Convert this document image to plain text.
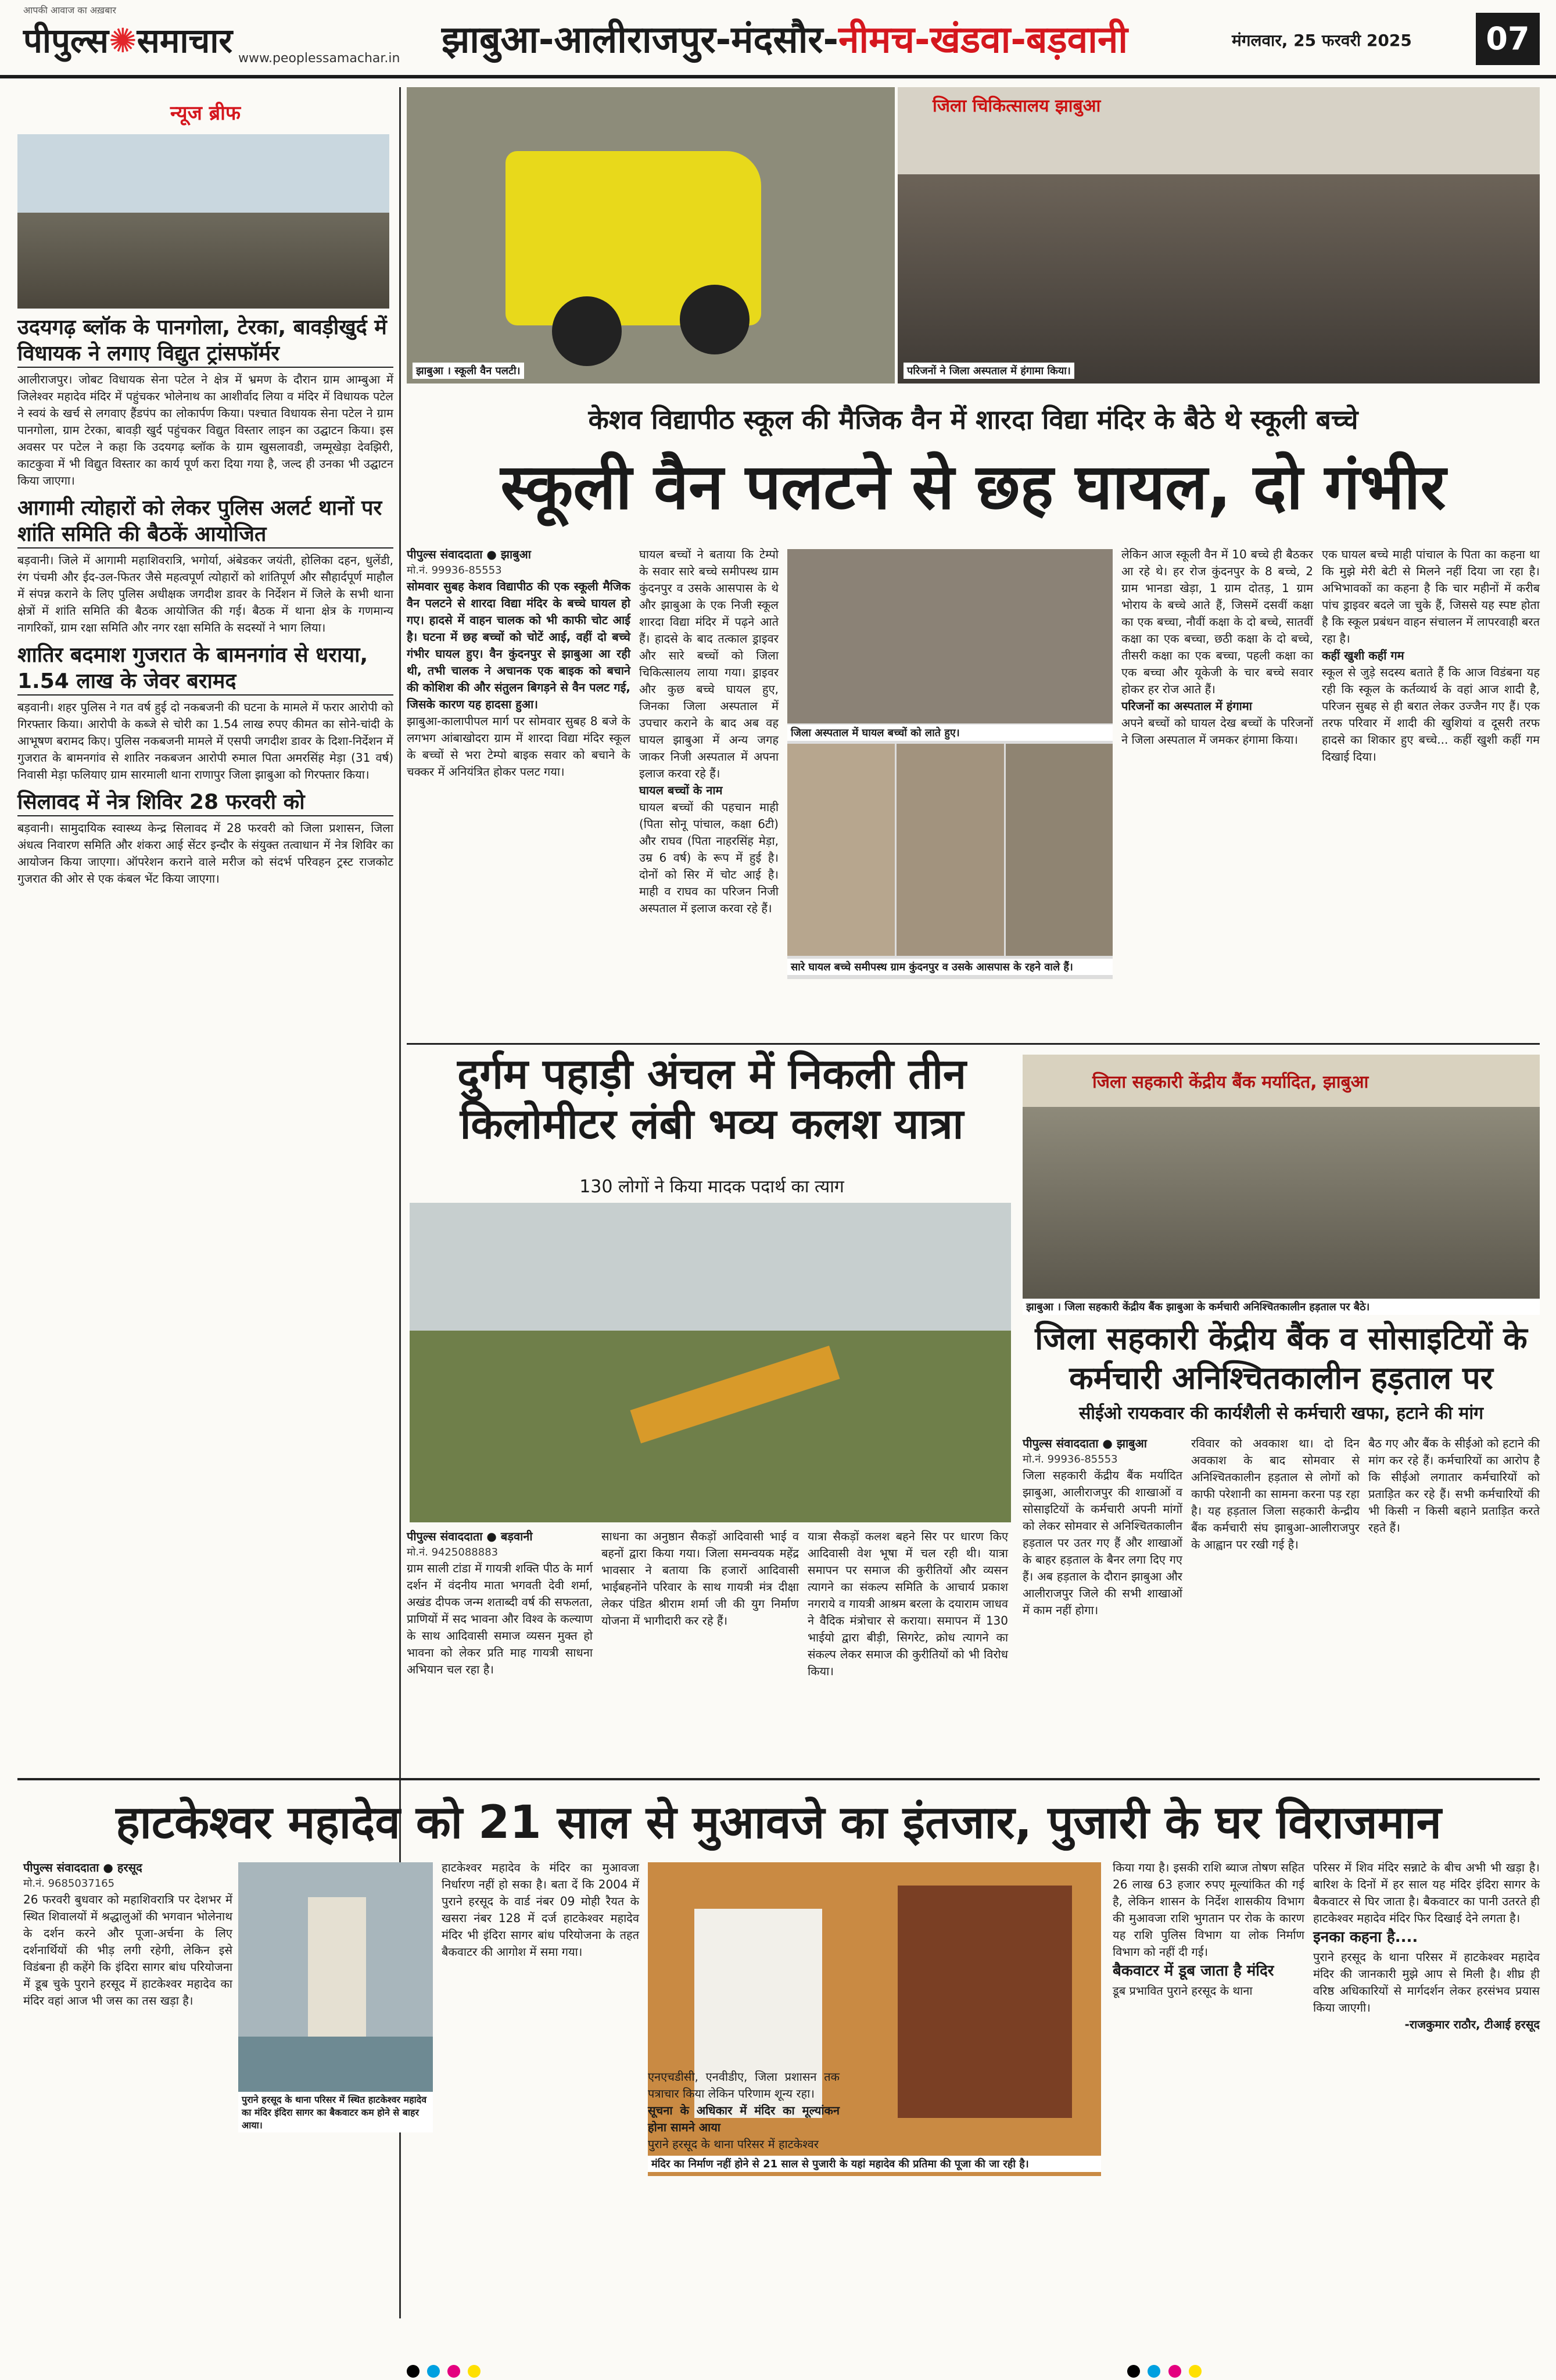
आपकी आवाज का अख़बार
पीपुल्स✺समाचार www.peoplessamachar.in झाबुआ-आलीराजपुर-मंदसौर-नीमच-खंडवा-बड़वानी	मंगलवार, 25 फरवरी 2025	07
न्यूज ब्रीफ
उदयगढ़ ब्लॉक के पानगोला, टेरका, बावड़ीखुर्द में विधायक ने लगाए विद्युत ट्रांसफॉर्मर
आलीराजपुर। जोबट विधायक सेना पटेल ने क्षेत्र में भ्रमण के दौरान ग्राम आम्बुआ में जिलेश्वर महादेव मंदिर में पहुंचकर भोलेनाथ का आशीर्वाद लिया व मंदिर में विधायक पटेल ने स्वयं के खर्च से लगवाए हैंडपंप का लोकार्पण किया। पश्चात विधायक सेना पटेल ने ग्राम पानगोला, ग्राम टेरका, बावड़ी खुर्द पहुंचकर विद्युत विस्तार लाइन का उद्घाटन किया। इस अवसर पर पटेल ने कहा कि उदयगढ़ ब्लॉक के ग्राम खुसलावडी, जम्मूखेड़ा देवझिरी, काटकुवा में भी विद्युत विस्तार का कार्य पूर्ण करा दिया गया है, जल्द ही उनका भी उद्घाटन किया जाएगा।
आगामी त्योहारों को लेकर पुलिस अलर्ट थानों पर शांति समिति की बैठकें आयोजित
बड़वानी। जिले में आगामी महाशिवरात्रि, भगोर्या, अंबेडकर जयंती, होलिका दहन, धुलेंडी, रंग पंचमी और ईद-उल-फितर जैसे महत्वपूर्ण त्योहारों को शांतिपूर्ण और सौहार्दपूर्ण माहौल में संपन्न कराने के लिए पुलिस अधीक्षक जगदीश डावर के निर्देशन में जिले के सभी थाना क्षेत्रों में शांति समिति की बैठक आयोजित की गई। बैठक में थाना क्षेत्र के गणमान्य नागरिकों, ग्राम रक्षा समिति और नगर रक्षा समिति के सदस्यों ने भाग लिया।
शातिर बदमाश गुजरात के बामनगांव से धराया, 1.54 लाख के जेवर बरामद
बड़वानी। शहर पुलिस ने गत वर्ष हुई दो नकबजनी की घटना के मामले में फरार आरोपी को गिरफ्तार किया। आरोपी के कब्जे से चोरी का 1.54 लाख रुपए कीमत का सोने-चांदी के आभूषण बरामद किए। पुलिस नकबजनी मामले में एसपी जगदीश डावर के दिशा-निर्देशन में गुजरात के बामनगांव से शातिर नकबजन आरोपी रुमाल पिता अमरसिंह मेड़ा (31 वर्ष) निवासी मेड़ा फलियाए ग्राम सारमाली थाना राणापुर जिला झाबुआ को गिरफ्तार किया।
सिलावद में नेत्र शिविर 28 फरवरी को
बड़वानी। सामुदायिक स्वास्थ्य केन्द्र सिलावद में 28 फरवरी को जिला प्रशासन, जिला अंधत्व निवारण समिति और शंकरा आई सेंटर इन्दौर के संयुक्त तत्वाधान में नेत्र शिविर का आयोजन किया जाएगा। ऑपरेशन कराने वाले मरीज को संदर्भ परिवहन ट्रस्ट राजकोट गुजरात की ओर से एक कंबल भेंट किया जाएगा।
झाबुआ । स्कूली वैन पलटी।
जिला चिकित्सालय झाबुआ
परिजनों ने जिला अस्पताल में हंगामा किया।
केशव विद्यापीठ स्कूल की मैजिक वैन में शारदा विद्या मंदिर के बैठे थे स्कूली बच्चे
स्कूली वैन पलटने से छह घायल, दो गंभीर
पीपुल्स संवाददाता ● झाबुआ
मो.नं. 99936-85553
सोमवार सुबह केशव विद्यापीठ की एक स्कूली मैजिक वैन पलटने से शारदा विद्या मंदिर के बच्चे घायल हो गए। हादसे में वाहन चालक को भी काफी चोट आई है। घटना में छह बच्चों को चोटें आई, वहीं दो बच्चे गंभीर घायल हुए। वैन कुंदनपुर से झाबुआ आ रही थी, तभी चालक ने अचानक एक बाइक को बचाने की कोशिश की और संतुलन बिगड़ने से वैन पलट गई, जिसके कारण यह हादसा हुआ।
झाबुआ-कालापीपल मार्ग पर सोमवार सुबह 8 बजे के लगभग आंबाखोदरा ग्राम में शारदा विद्या मंदिर स्कूल के बच्चों से भरा टेम्पो बाइक सवार को बचाने के चक्कर में अनियंत्रित होकर पलट गया।
घायल बच्चों ने बताया कि टेम्पो के सवार सारे बच्चे समीपस्थ ग्राम कुंदनपुर व उसके आसपास के थे और झाबुआ के एक निजी स्कूल शारदा विद्या मंदिर में पढ़ने आते हैं। हादसे के बाद तत्काल ड्राइवर और सारे बच्चों को जिला चिकित्सालय लाया गया। ड्राइवर और कुछ बच्चे घायल हुए, जिनका जिला अस्पताल में उपचार कराने के बाद अब वह घायल झाबुआ में अन्य जगह जाकर निजी अस्पताल में अपना इलाज करवा रहे हैं।
घायल बच्चों के नाम
घायल बच्चों की पहचान माही (पिता सोनू पांचाल, कक्षा 6टी) और राघव (पिता नाहरसिंह मेड़ा, उम्र 6 वर्ष) के रूप में हुई है। दोनों को सिर में चोट आई है। माही व राघव का परिजन निजी अस्पताल में इलाज करवा रहे हैं।
जिला अस्पताल में घायल बच्चों को लाते हुए।
सारे घायल बच्चे समीपस्थ ग्राम कुंदनपुर व उसके आसपास के रहने वाले हैं।
लेकिन आज स्कूली वैन में 10 बच्चे ही बैठकर आ रहे थे। हर रोज कुंदनपुर के 8 बच्चे, 2 ग्राम भानडा खेड़ा, 1 ग्राम दोतड़, 1 ग्राम भोराय के बच्चे आते हैं, जिसमें दसवीं कक्षा का एक बच्चा, नौवीं कक्षा के दो बच्चे, सातवीं कक्षा का एक बच्चा, छठी कक्षा के दो बच्चे, तीसरी कक्षा का एक बच्चा, पहली कक्षा का एक बच्चा और यूकेजी के चार बच्चे सवार होकर हर रोज आते हैं।
परिजनों का अस्पताल में हंगामा
अपने बच्चों को घायल देख बच्चों के परिजनों ने जिला अस्पताल में जमकर हंगामा किया।
एक घायल बच्चे माही पांचाल के पिता का कहना था कि मुझे मेरी बेटी से मिलने नहीं दिया जा रहा है। अभिभावकों का कहना है कि चार महीनों में करीब पांच ड्राइवर बदले जा चुके हैं, जिससे यह स्पष्ट होता है कि स्कूल प्रबंधन वाहन संचालन में लापरवाही बरत रहा है।
कहीं खुशी कहीं गम
स्कूल से जुड़े सदस्य बताते हैं कि आज विडंबना यह रही कि स्कूल के कर्तव्यार्थ के वहां आज शादी है, परिजन सुबह से ही बरात लेकर उज्जैन गए हैं। एक तरफ परिवार में शादी की खुशियां व दूसरी तरफ हादसे का शिकार हुए बच्चे... कहीं खुशी कहीं गम दिखाई दिया।
दुर्गम पहाड़ी अंचल में निकली तीन किलोमीटर लंबी भव्य कलश यात्रा
130 लोगों ने किया मादक पदार्थ का त्याग
पीपुल्स संवाददाता ● बड़वानी
मो.नं. 9425088883
ग्राम साली टांडा में गायत्री शक्ति पीठ के मार्ग दर्शन में वंदनीय माता भगवती देवी शर्मा, अखंड दीपक जन्म शताब्दी वर्ष की सफलता, प्राणियों में सद भावना और विश्व के कल्याण के साथ आदिवासी समाज व्यसन मुक्त हो भावना को लेकर प्रति माह गायत्री साधना अभियान चल रहा है।
साधना का अनुष्ठान सैकड़ों आदिवासी भाई व बहनों द्वारा किया गया। जिला समन्वयक महेंद्र भावसार ने बताया कि हजारों आदिवासी भाईबहनोंने परिवार के साथ गायत्री मंत्र दीक्षा लेकर पंडित श्रीराम शर्मा जी की युग निर्माण योजना में भागीदारी कर रहे हैं।
यात्रा सैकड़ों कलश बहने सिर पर धारण किए आदिवासी वेश भूषा में चल रही थी। यात्रा समापन पर समाज की कुरीतियों और व्यसन त्यागने का संकल्प समिति के आचार्य प्रकाश नगराये व गायत्री आश्रम बरला के दयाराम जाधव ने वैदिक मंत्रोचार से कराया। समापन में 130 भाईयो द्वारा बीड़ी, सिगरेट, क्रोध त्यागने का संकल्प लेकर समाज की कुरीतियों को भी विरोध किया।
जिला सहकारी केंद्रीय बैंक मर्यादित, झाबुआ
झाबुआ । जिला सहकारी केंद्रीय बैंक झाबुआ के कर्मचारी अनिश्चितकालीन हड़ताल पर बैठे।
जिला सहकारी केंद्रीय बैंक व सोसाइटियों के कर्मचारी अनिश्चितकालीन हड़ताल पर
सीईओ रायकवार की कार्यशैली से कर्मचारी खफा, हटाने की मांग
पीपुल्स संवाददाता ● झाबुआ
मो.नं. 99936-85553
जिला सहकारी केंद्रीय बैंक मर्यादित झाबुआ, आलीराजपुर की शाखाओं व सोसाइटियों के कर्मचारी अपनी मांगों को लेकर सोमवार से अनिश्चितकालीन हड़ताल पर उतर गए हैं और शाखाओं के बाहर हड़ताल के बैनर लगा दिए गए हैं। अब हड़ताल के दौरान झाबुआ और आलीराजपुर जिले की सभी शाखाओं में काम नहीं होगा।
रविवार को अवकाश था। दो दिन अवकाश के बाद सोमवार से अनिश्चितकालीन हड़ताल से लोगों को काफी परेशानी का सामना करना पड़ रहा है। यह हड़ताल जिला सहकारी केन्द्रीय बैंक कर्मचारी संघ झाबुआ-आलीराजपुर के आह्वान पर रखी गई है।
बैठ गए और बैंक के सीईओ को हटाने की मांग कर रहे हैं। कर्मचारियों का आरोप है कि सीईओ लगातार कर्मचारियों को प्रताड़ित कर रहे हैं। सभी कर्मचारियों की भी किसी न किसी बहाने प्रताड़ित करते रहते हैं।
हाटकेश्वर महादेव को 21 साल से मुआवजे का इंतजार, पुजारी के घर विराजमान
पीपुल्स संवाददाता ● हरसूद
मो.नं. 9685037165
26 फरवरी बुधवार को महाशिवरात्रि पर देशभर में स्थित शिवालयों में श्रद्धालुओं की भगवान भोलेनाथ के दर्शन करने और पूजा-अर्चना के लिए दर्शनार्थियों की भीड़ लगी रहेगी, लेकिन इसे विडंबना ही कहेंगे कि इंदिरा सागर बांध परियोजना में डूब चुके पुराने हरसूद में हाटकेश्वर महादेव का मंदिर वहां आज भी जस का तस खड़ा है।
पुराने हरसूद के थाना परिसर में स्थित हाटकेश्वर महादेव का मंदिर इंदिरा सागर का बैकवाटर कम होने से बाहर आया।
हाटकेश्वर महादेव के मंदिर का मुआवजा निर्धारण नहीं हो सका है। बता दें कि 2004 में पुराने हरसूद के वार्ड नंबर 09 मोही रैयत के खसरा नंबर 128 में दर्ज हाटकेश्वर महादेव मंदिर भी इंदिरा सागर बांध परियोजना के तहत बैकवाटर की आगोश में समा गया।
मंदिर का निर्माण नहीं होने से 21 साल से पुजारी के यहां महादेव की प्रतिमा की पूजा की जा रही है।
एनएचडीसी, एनवीडीए, जिला प्रशासन तक पत्राचार किया लेकिन परिणाम शून्य रहा।
सूचना के अधिकार में मंदिर का मूल्यांकन होना सामने आया
पुराने हरसूद के थाना परिसर में हाटकेश्वर
किया गया है। इसकी राशि ब्याज तोषण सहित 26 लाख 63 हजार रुपए मूल्यांकित की गई है, लेकिन शासन के निर्देश शासकीय विभाग की मुआवजा राशि भुगतान पर रोक के कारण यह राशि पुलिस विभाग या लोक निर्माण विभाग को नहीं दी गई।
बैकवाटर में डूब जाता है मंदिर
डूब प्रभावित पुराने हरसूद के थाना
परिसर में शिव मंदिर सन्नाटे के बीच अभी भी खड़ा है। बारिश के दिनों में हर साल यह मंदिर इंदिरा सागर के बैकवाटर से घिर जाता है। बैकवाटर का पानी उतरते ही हाटकेश्वर महादेव मंदिर फिर दिखाई देने लगता है।
इनका कहना है....
पुराने हरसूद के थाना परिसर में हाटकेश्वर महादेव मंदिर की जानकारी मुझे आप से मिली है। शीघ्र ही वरिष्ठ अधिकारियों से मार्गदर्शन लेकर हरसंभव प्रयास किया जाएगी।
-राजकुमार राठौर, टीआई हरसूद
